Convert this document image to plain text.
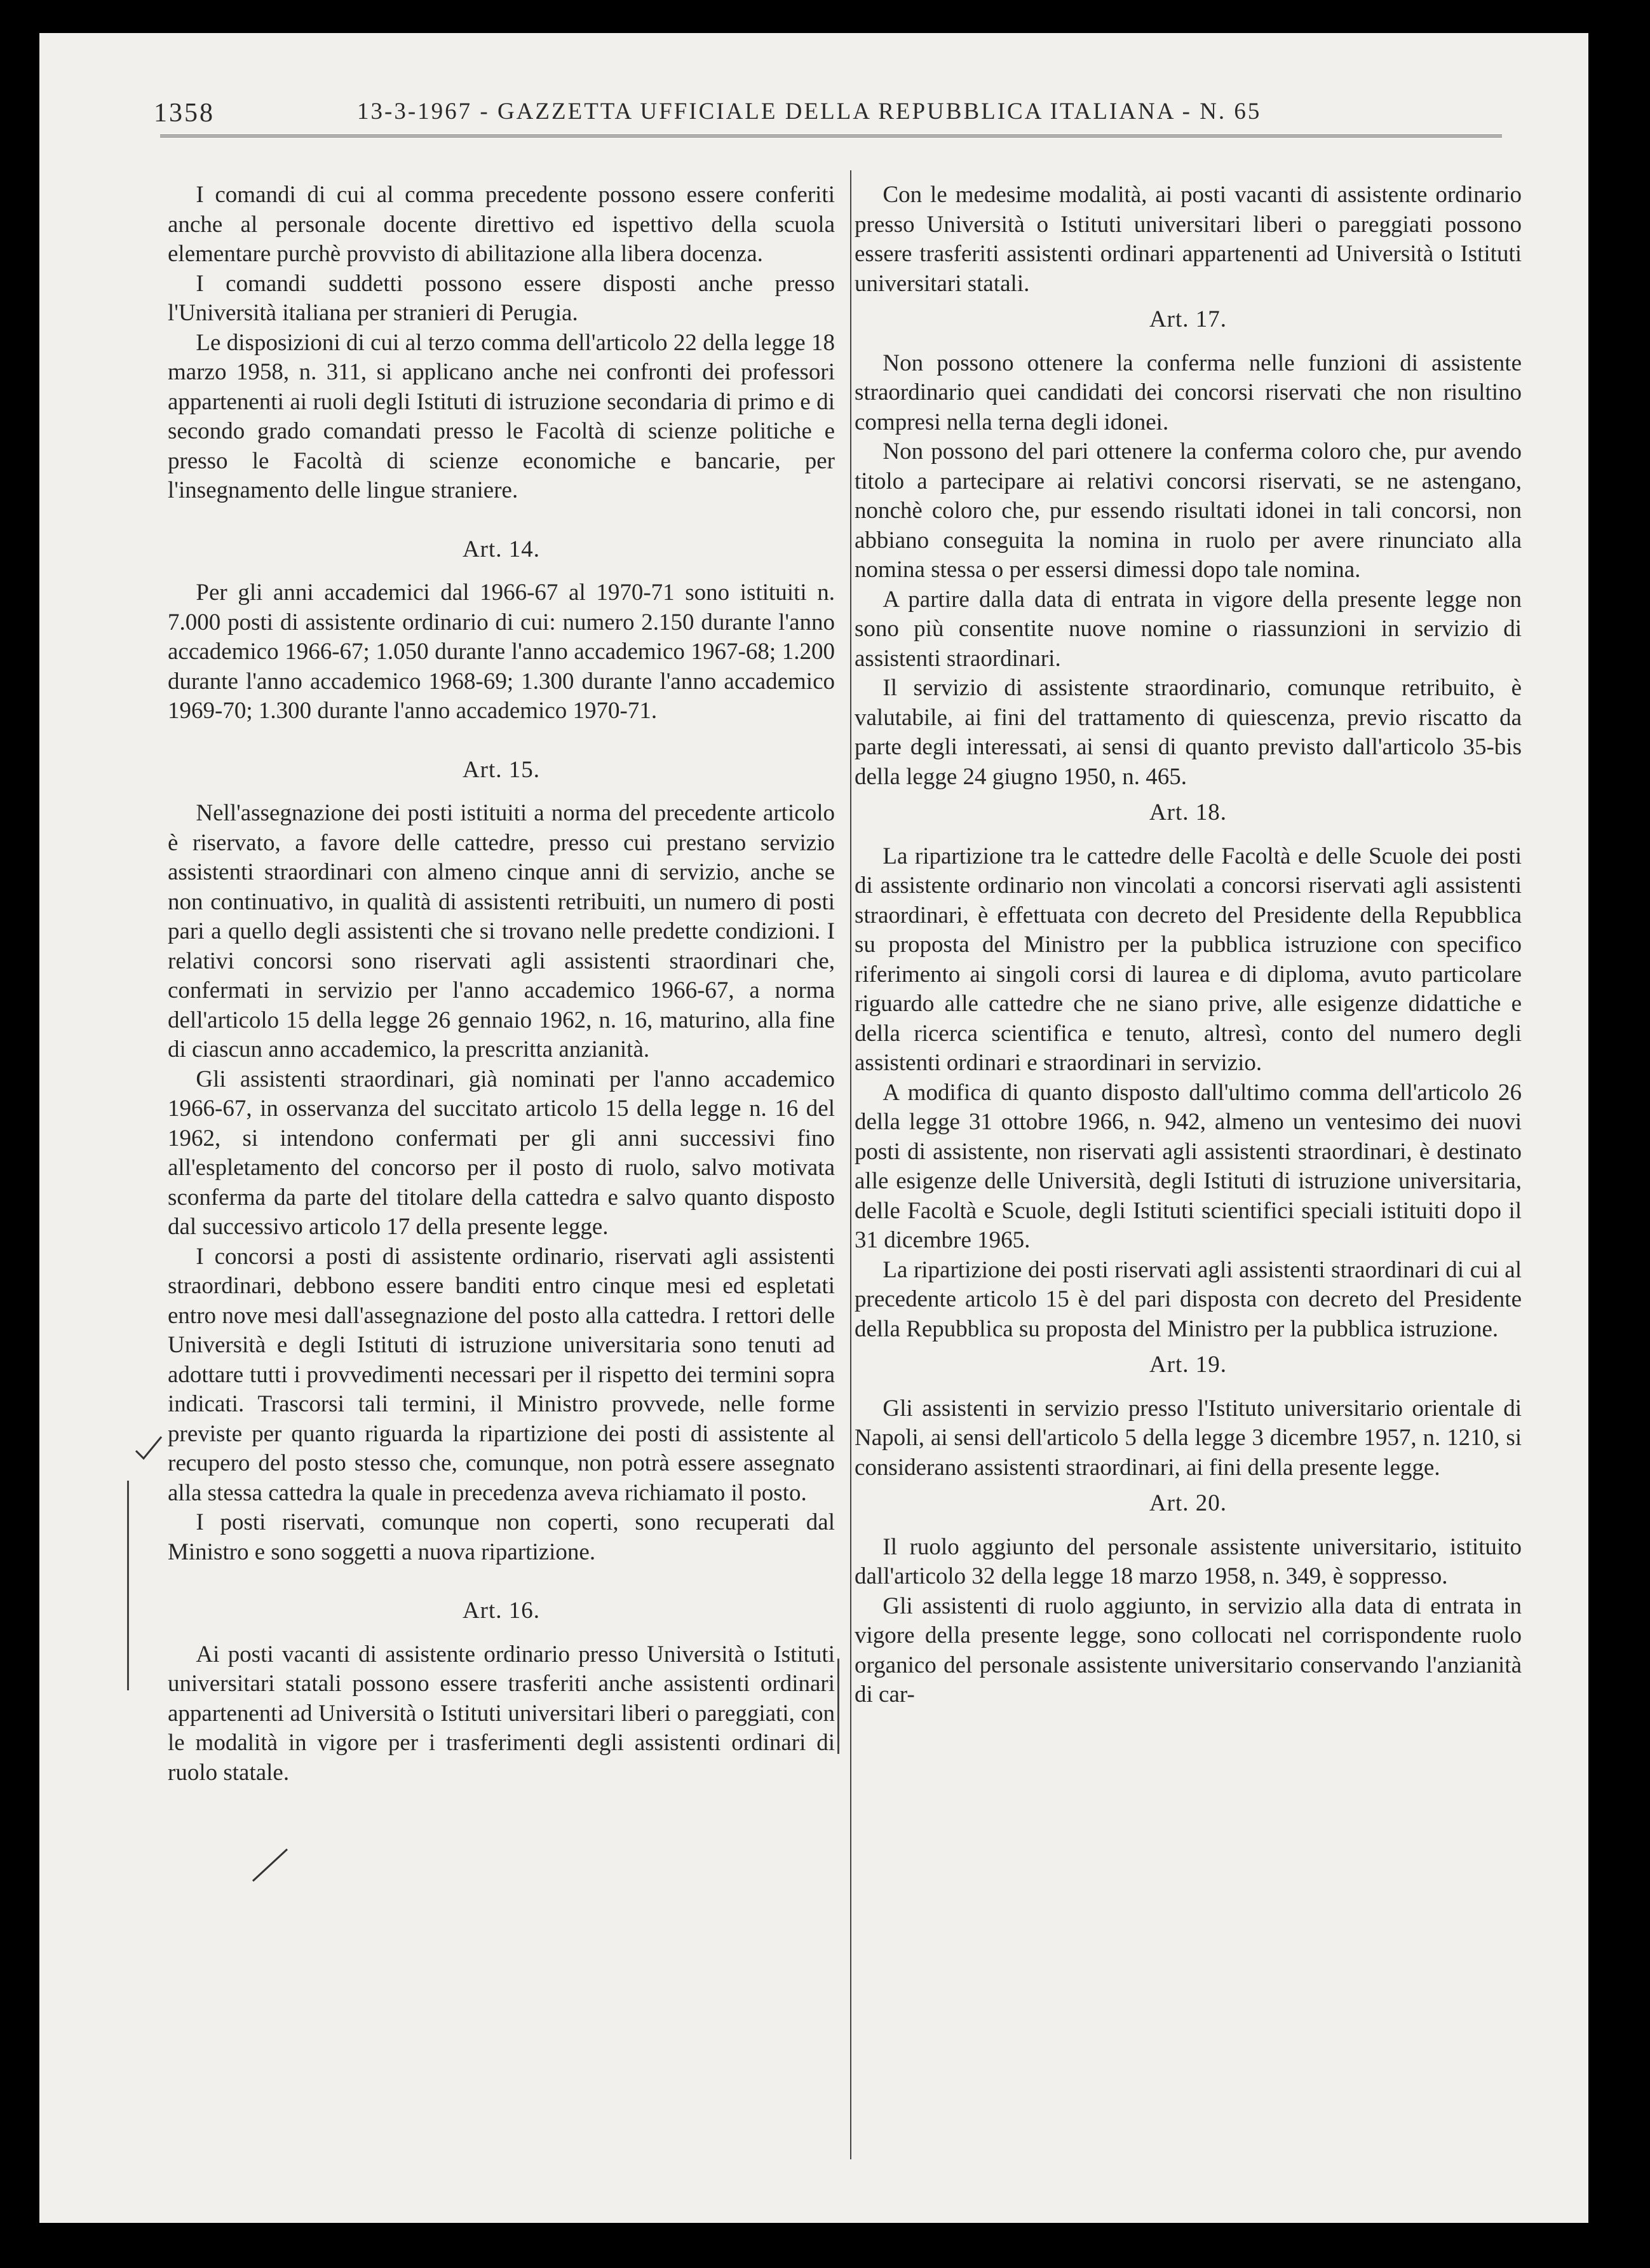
1358	13-3-1967 - GAZZETTA UFFICIALE DELLA REPUBBLICA ITALIANA - N. 65

I comandi di cui al comma precedente possono essere conferiti anche al personale docente direttivo ed ispettivo della scuola elementare purchè provvisto di abilitazione alla libera docenza.

I comandi suddetti possono essere disposti anche presso l'Università italiana per stranieri di Perugia.

Le disposizioni di cui al terzo comma dell'articolo 22 della legge 18 marzo 1958, n. 311, si applicano anche nei confronti dei professori appartenenti ai ruoli degli Istituti di istruzione secondaria di primo e di secondo grado comandati presso le Facoltà di scienze politiche e presso le Facoltà di scienze economiche e bancarie, per l'insegnamento delle lingue straniere.

Art. 14.

Per gli anni accademici dal 1966-67 al 1970-71 sono istituiti n. 7.000 posti di assistente ordinario di cui: numero 2.150 durante l'anno accademico 1966-67; 1.050 durante l'anno accademico 1967-68; 1.200 durante l'anno accademico 1968-69; 1.300 durante l'anno accademico 1969-70; 1.300 durante l'anno accademico 1970-71.

Art. 15.

Nell'assegnazione dei posti istituiti a norma del precedente articolo è riservato, a favore delle cattedre, presso cui prestano servizio assistenti straordinari con almeno cinque anni di servizio, anche se non continuativo, in qualità di assistenti retribuiti, un numero di posti pari a quello degli assistenti che si trovano nelle predette condizioni. I relativi concorsi sono riservati agli assistenti straordinari che, confermati in servizio per l'anno accademico 1966-67, a norma dell'articolo 15 della legge 26 gennaio 1962, n. 16, maturino, alla fine di ciascun anno accademico, la prescritta anzianità.

Gli assistenti straordinari, già nominati per l'anno accademico 1966-67, in osservanza del succitato articolo 15 della legge n. 16 del 1962, si intendono confermati per gli anni successivi fino all'espletamento del concorso per il posto di ruolo, salvo motivata sconferma da parte del titolare della cattedra e salvo quanto disposto dal successivo articolo 17 della presente legge.

I concorsi a posti di assistente ordinario, riservati agli assistenti straordinari, debbono essere banditi entro cinque mesi ed espletati entro nove mesi dall'assegnazione del posto alla cattedra. I rettori delle Università e degli Istituti di istruzione universitaria sono tenuti ad adottare tutti i provvedimenti necessari per il rispetto dei termini sopra indicati. Trascorsi tali termini, il Ministro provvede, nelle forme previste per quanto riguarda la ripartizione dei posti di assistente al recupero del posto stesso che, comunque, non potrà essere assegnato alla stessa cattedra la quale in precedenza aveva richiamato il posto.

I posti riservati, comunque non coperti, sono recuperati dal Ministro e sono soggetti a nuova ripartizione.

Art. 16.

Ai posti vacanti di assistente ordinario presso Università o Istituti universitari statali possono essere trasferiti anche assistenti ordinari appartenenti ad Università o Istituti universitari liberi o pareggiati, con le modalità in vigore per i trasferimenti degli assistenti ordinari di ruolo statale.

Con le medesime modalità, ai posti vacanti di assistente ordinario presso Università o Istituti universitari liberi o pareggiati possono essere trasferiti assistenti ordinari appartenenti ad Università o Istituti universitari statali.

Art. 17.

Non possono ottenere la conferma nelle funzioni di assistente straordinario quei candidati dei concorsi riservati che non risultino compresi nella terna degli idonei.

Non possono del pari ottenere la conferma coloro che, pur avendo titolo a partecipare ai relativi concorsi riservati, se ne astengano, nonchè coloro che, pur essendo risultati idonei in tali concorsi, non abbiano conseguita la nomina in ruolo per avere rinunciato alla nomina stessa o per essersi dimessi dopo tale nomina.

A partire dalla data di entrata in vigore della presente legge non sono più consentite nuove nomine o riassunzioni in servizio di assistenti straordinari.

Il servizio di assistente straordinario, comunque retribuito, è valutabile, ai fini del trattamento di quiescenza, previo riscatto da parte degli interessati, ai sensi di quanto previsto dall'articolo 35-bis della legge 24 giugno 1950, n. 465.

Art. 18.

La ripartizione tra le cattedre delle Facoltà e delle Scuole dei posti di assistente ordinario non vincolati a concorsi riservati agli assistenti straordinari, è effettuata con decreto del Presidente della Repubblica su proposta del Ministro per la pubblica istruzione con specifico riferimento ai singoli corsi di laurea e di diploma, avuto particolare riguardo alle cattedre che ne siano prive, alle esigenze didattiche e della ricerca scientifica e tenuto, altresì, conto del numero degli assistenti ordinari e straordinari in servizio.

A modifica di quanto disposto dall'ultimo comma dell'articolo 26 della legge 31 ottobre 1966, n. 942, almeno un ventesimo dei nuovi posti di assistente, non riservati agli assistenti straordinari, è destinato alle esigenze delle Università, degli Istituti di istruzione universitaria, delle Facoltà e Scuole, degli Istituti scientifici speciali istituiti dopo il 31 dicembre 1965.

La ripartizione dei posti riservati agli assistenti straordinari di cui al precedente articolo 15 è del pari disposta con decreto del Presidente della Repubblica su proposta del Ministro per la pubblica istruzione.

Art. 19.

Gli assistenti in servizio presso l'Istituto universitario orientale di Napoli, ai sensi dell'articolo 5 della legge 3 dicembre 1957, n. 1210, si considerano assistenti straordinari, ai fini della presente legge.

Art. 20.

Il ruolo aggiunto del personale assistente universitario, istituito dall'articolo 32 della legge 18 marzo 1958, n. 349, è soppresso.

Gli assistenti di ruolo aggiunto, in servizio alla data di entrata in vigore della presente legge, sono collocati nel corrispondente ruolo organico del personale assistente universitario conservando l'anzianità di car-
